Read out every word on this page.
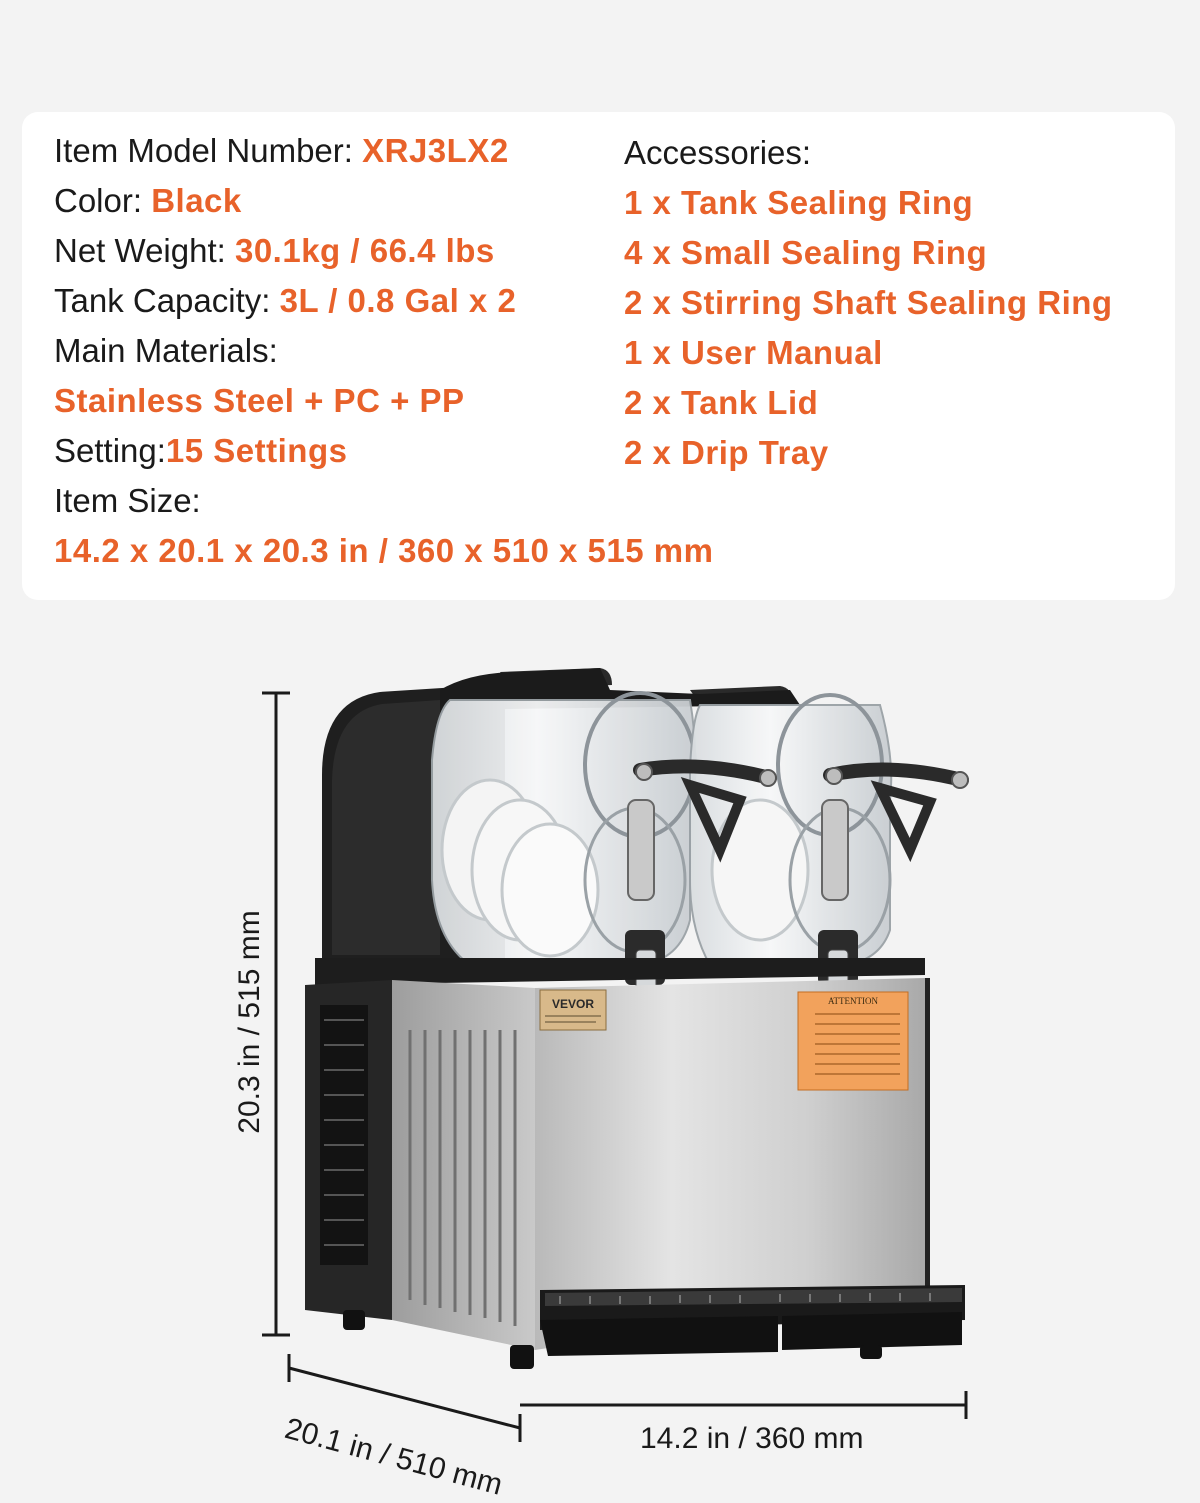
Item Model Number: XRJ3LX2
Color: Black
Net Weight: 30.1kg / 66.4 lbs
Tank Capacity: 3L / 0.8 Gal x 2
Main Materials:
Stainless Steel + PC + PP
Setting:15 Settings
Item Size:
14.2 x 20.1 x 20.3 in / 360 x 510 x 515 mm
Accessories:
1 x Tank Sealing Ring
4 x Small Sealing Ring
2 x Stirring Shaft Sealing Ring
1 x User Manual
2 x Tank Lid
2 x Drip Tray
VEVOR	ATTENTION
20.3 in / 515 mm
20.1 in / 510 mm	14.2 in / 360 mm
